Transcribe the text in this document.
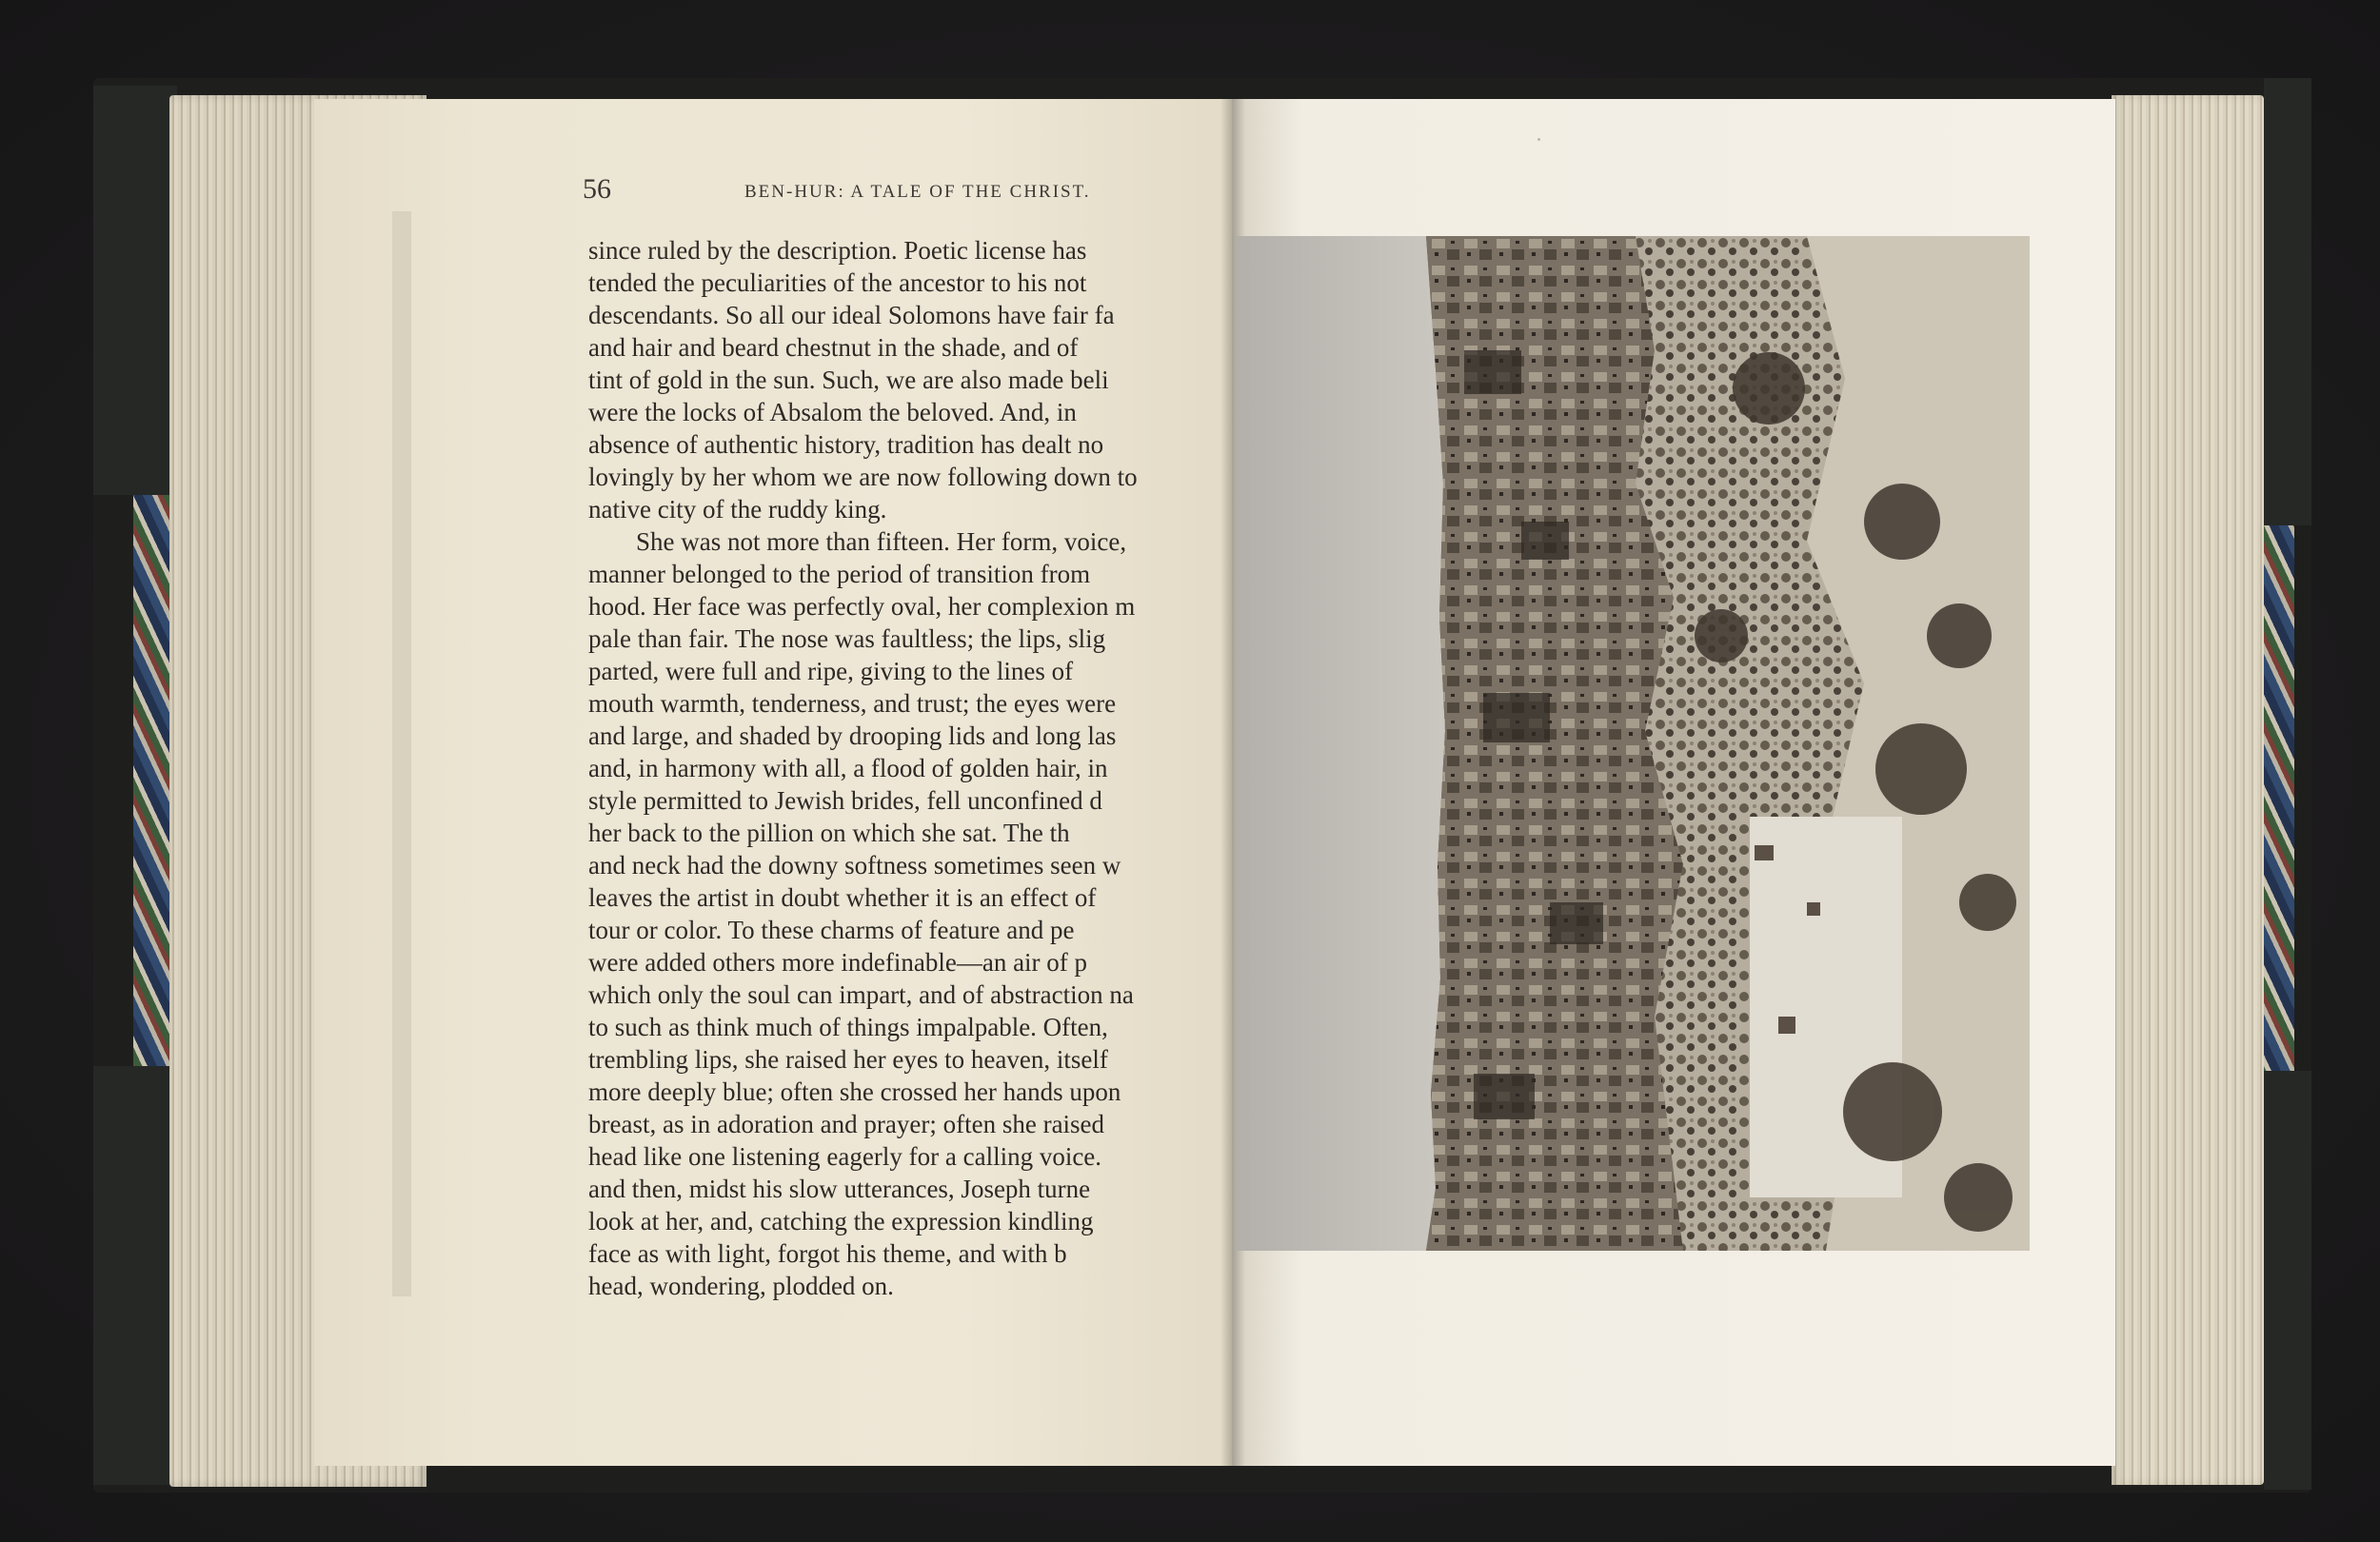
56	BEN-HUR: A TALE OF THE CHRIST.
since ruled by the description. Poetic license has
tended the peculiarities of the ancestor to his not
descendants. So all our ideal Solomons have fair fa
and hair and beard chestnut in the shade, and of
tint of gold in the sun. Such, we are also made beli
were the locks of Absalom the beloved. And, in
absence of authentic history, tradition has dealt no
lovingly by her whom we are now following down to
native city of the ruddy king.
She was not more than fifteen. Her form, voice,
manner belonged to the period of transition from
hood. Her face was perfectly oval, her complexion m
pale than fair. The nose was faultless; the lips, slig
parted, were full and ripe, giving to the lines of
mouth warmth, tenderness, and trust; the eyes were
and large, and shaded by drooping lids and long las
and, in harmony with all, a flood of golden hair, in
style permitted to Jewish brides, fell unconfined d
her back to the pillion on which she sat. The th
and neck had the downy softness sometimes seen w
leaves the artist in doubt whether it is an effect of
tour or color. To these charms of feature and pe
were added others more indefinable—an air of p
which only the soul can impart, and of abstraction na
to such as think much of things impalpable. Often,
trembling lips, she raised her eyes to heaven, itself
more deeply blue; often she crossed her hands upon
breast, as in adoration and prayer; often she raised
head like one listening eagerly for a calling voice.
and then, midst his slow utterances, Joseph turne
look at her, and, catching the expression kindling
face as with light, forgot his theme, and with b
head, wondering, plodded on.
